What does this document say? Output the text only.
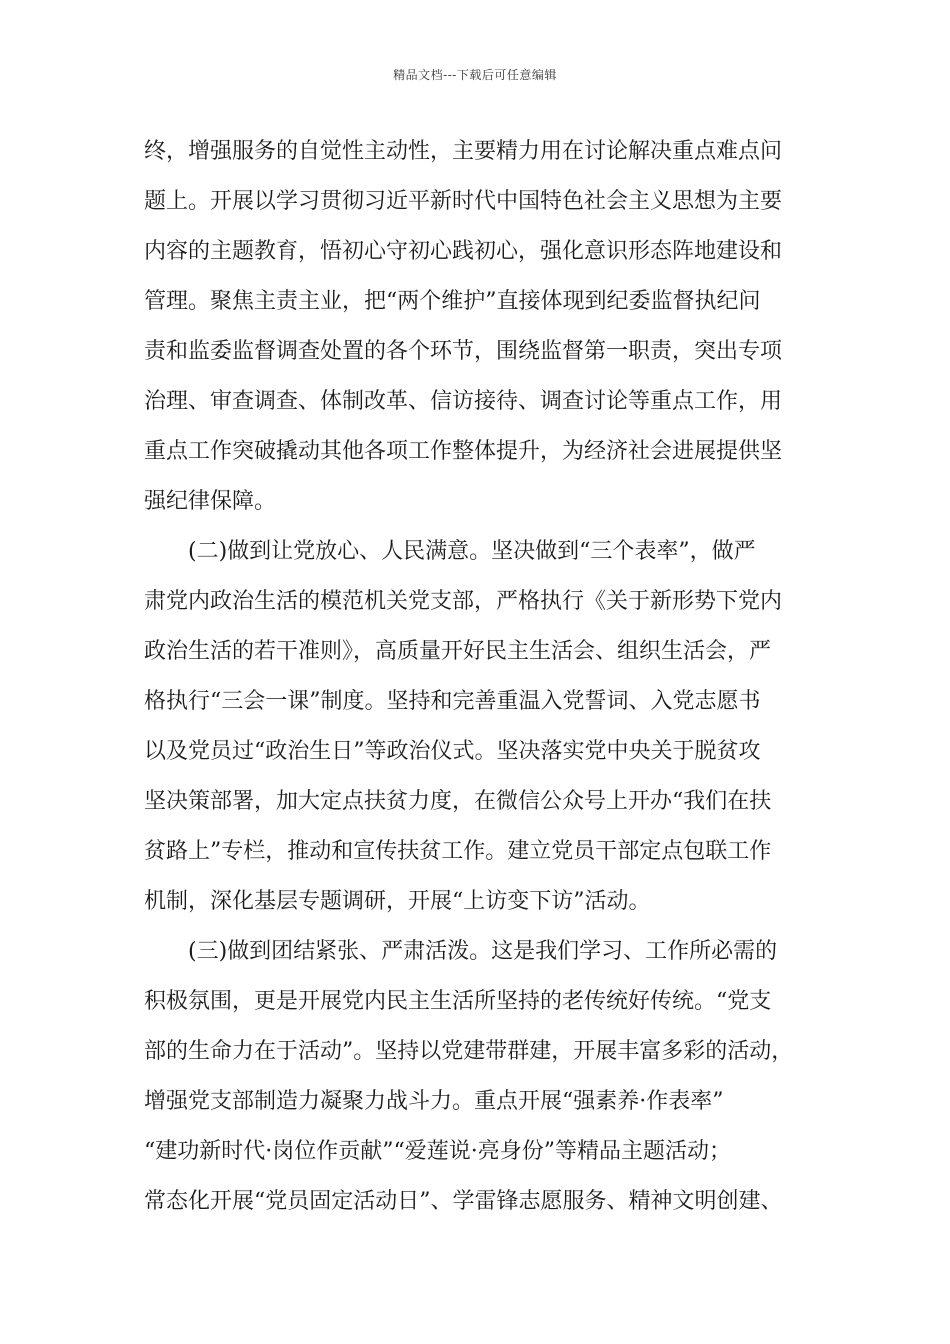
精品文档---下载后可任意编辑
终，增强服务的自觉性主动性，主要精力用在讨论解决重点难点问
题上。开展以学习贯彻习近平新时代中国特色社会主义思想为主要
内容的主题教育，悟初心守初心践初心，强化意识形态阵地建设和
管理。聚焦主责主业，把“两个维护”直接体现到纪委监督执纪问
责和监委监督调查处置的各个环节，围绕监督第一职责，突出专项
治理、审查调查、体制改革、信访接待、调查讨论等重点工作，用
重点工作突破撬动其他各项工作整体提升，为经济社会进展提供坚
强纪律保障。
(二)做到让党放心、人民满意。坚决做到“三个表率”，做严
肃党内政治生活的模范机关党支部，严格执行《关于新形势下党内
政治生活的若干准则》，高质量开好民主生活会、组织生活会，严
格执行“三会一课”制度。坚持和完善重温入党誓词、入党志愿书
以及党员过“政治生日”等政治仪式。坚决落实党中央关于脱贫攻
坚决策部署，加大定点扶贫力度，在微信公众号上开办“我们在扶
贫路上”专栏，推动和宣传扶贫工作。建立党员干部定点包联工作
机制，深化基层专题调研，开展“上访变下访”活动。
(三)做到团结紧张、严肃活泼。这是我们学习、工作所必需的
积极氛围，更是开展党内民主生活所坚持的老传统好传统。“党支
部的生命力在于活动”。坚持以党建带群建，开展丰富多彩的活动，
增强党支部制造力凝聚力战斗力。重点开展“强素养·作表率”
“建功新时代·岗位作贡献”“爱莲说·亮身份”等精品主题活动；
常态化开展“党员固定活动日”、学雷锋志愿服务、精神文明创建、
